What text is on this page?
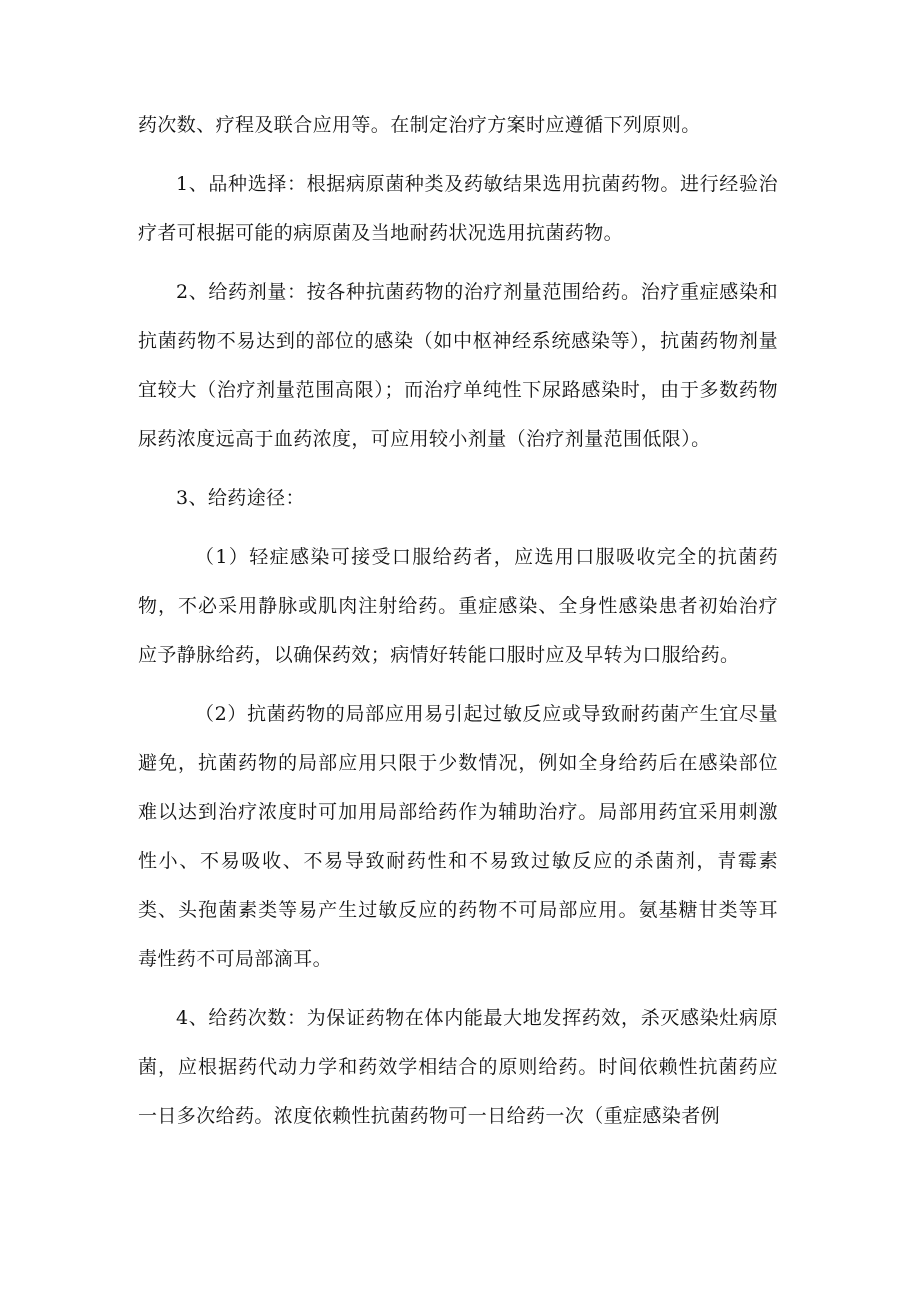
药次数、疗程及联合应用等。在制定治疗方案时应遵循下列原则。

1、品种选择：根据病原菌种类及药敏结果选用抗菌药物。进行经验治疗者可根据可能的病原菌及当地耐药状况选用抗菌药物。

2、给药剂量：按各种抗菌药物的治疗剂量范围给药。治疗重症感染和抗菌药物不易达到的部位的感染（如中枢神经系统感染等），抗菌药物剂量宜较大（治疗剂量范围高限）；而治疗单纯性下尿路感染时，由于多数药物尿药浓度远高于血药浓度，可应用较小剂量（治疗剂量范围低限）。

3、给药途径：

（1）轻症感染可接受口服给药者，应选用口服吸收完全的抗菌药物，不必采用静脉或肌肉注射给药。重症感染、全身性感染患者初始治疗应予静脉给药，以确保药效；病情好转能口服时应及早转为口服给药。

（2）抗菌药物的局部应用易引起过敏反应或导致耐药菌产生宜尽量避免，抗菌药物的局部应用只限于少数情况，例如全身给药后在感染部位难以达到治疗浓度时可加用局部给药作为辅助治疗。局部用药宜采用刺激性小、不易吸收、不易导致耐药性和不易致过敏反应的杀菌剂，青霉素类、头孢菌素类等易产生过敏反应的药物不可局部应用。氨基糖甘类等耳毒性药不可局部滴耳。

4、给药次数：为保证药物在体内能最大地发挥药效，杀灭感染灶病原菌，应根据药代动力学和药效学相结合的原则给药。时间依赖性抗菌药应一日多次给药。浓度依赖性抗菌药物可一日给药一次（重症感染者例
